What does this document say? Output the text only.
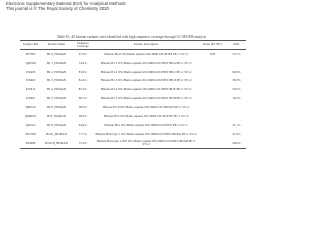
Electronic Supplementary Material (ESI) for Analytical Methods
This journal is © The Royal Society of Chemistry 2020
Table S3. 40 histone variants were identified with high sequence coverage through LC-MS/MS analysis
Uniprot IDs	Protein Name	Sequence Coverage	Protein Description	Ratio (E1+B1)	RSD
P07305	H1.0_HUMAN	47.4%	Histone H1.0 OS=Homo sapiens OX=9606 GN=H1F0 PE=1 SV=3	8.93	23.7%
Q02539	H1.1_HUMAN	74.4%	Histone H1.1 OS=Homo sapiens OX=9606 GN=HIST1H1A PE=1 SV=3		
P16403	H1.2_HUMAN	83.6%	Histone H1.2 OS=Homo sapiens OX=9606 GN=HIST1H1C PE=1 SV=2		89.9%
P16402	H1.3_HUMAN	82.4%	Histone H1.3 OS=Homo sapiens OX=9606 GN=HIST1H1D PE=1 SV=2		38.3%
P10412	H1.4_HUMAN	85.4%	Histone H1.4 OS=Homo sapiens OX=9606 GN=HIST1H1E PE=1 SV=2		59.0%
P16401	H1.5_HUMAN	68.1%	Histone H1.5 OS=Homo sapiens OX=9606 GN=HIST1H1B PE=1 SV=3		18.2%
Q8IZA3	H1X_HUMAN	58.5%	Histone H1.8 OS=Homo sapiens OX=9606 GN=H1FOO PE=1 SV=1		
Q96KK5	H1T_HUMAN	58.6%	Histone H1t OS=Homo sapiens OX=9606 GN=H1FNT PE=1 SV=4		
Q92522	H1X_HUMAN	64.9%	Histone H1x OS=Homo sapiens OX=9606 GN=H1FX PE=1 SV=1		41.1%
P0C0S8	H2A1_HUMAN	77.7%	Histone H2A type 1 OS=Homo sapiens OX=9606 GN=HIST1H2AG PE=1 SV=2		31.6%
P04908	H2A1B_HUMAN	75.4%	Histone H2A type 1-B/E OS=Homo sapiens OX=9606 GN=HIST1H2AB PE=1 SV=2		49.6%
